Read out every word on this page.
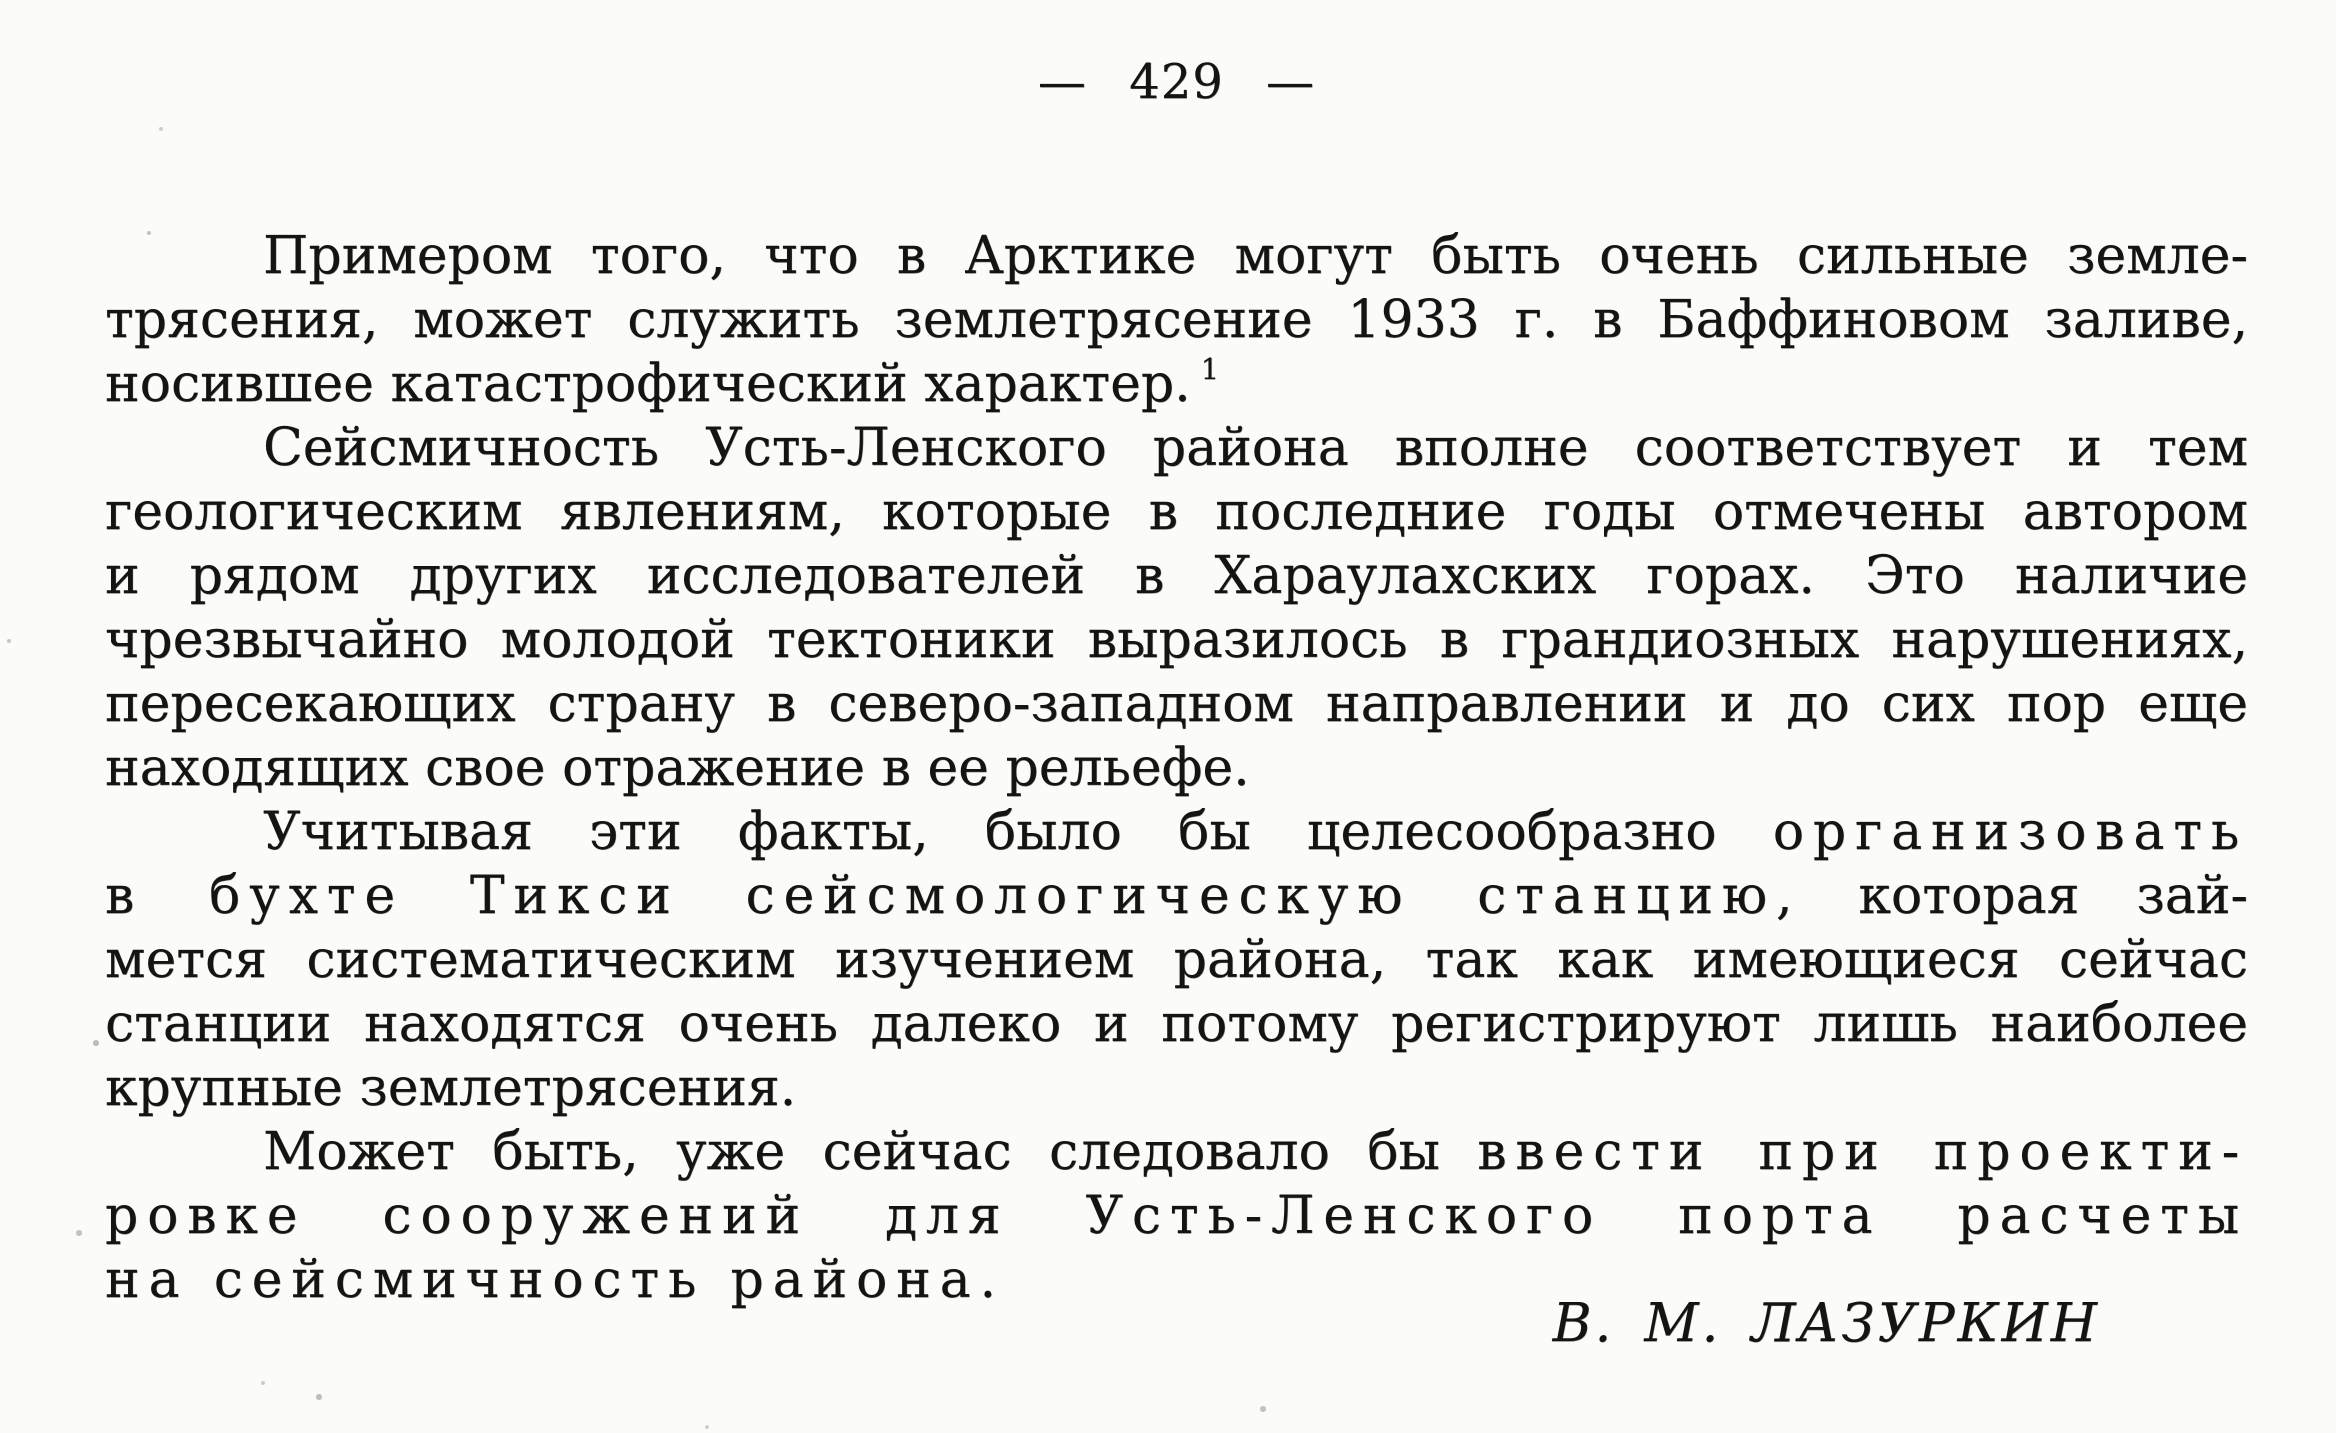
— 429 —
Примером того, что в Арктике могут быть очень сильные земле-
трясения, может служить землетрясение 1933 г. в Баффиновом заливе,
носившее катастрофический характер. $^1$
Сейсмичность Усть-Ленского района вполне соответствует и тем
геологическим явлениям, которые в последние годы отмечены автором
и рядом других исследователей в Хараулахских горах. Это наличие
чрезвычайно молодой тектоники выразилось в грандиозных нарушениях,
пересекающих страну в северо-западном направлении и до сих пор еще
находящих свое отражение в ее рельефе.
Учитывая эти факты, было бы целесообразно организовать
в бухте Тикси сейсмологическую станцию, которая зай-
мется систематическим изучением района, так как имеющиеся сейчас
станции находятся очень далеко и потому регистрируют лишь наиболее
крупные землетрясения.
Может быть, уже сейчас следовало бы ввести при проекти-
ровке сооружений для Усть-Ленского порта расчеты
на сейсмичность района.
В. М. ЛАЗУРКИН
